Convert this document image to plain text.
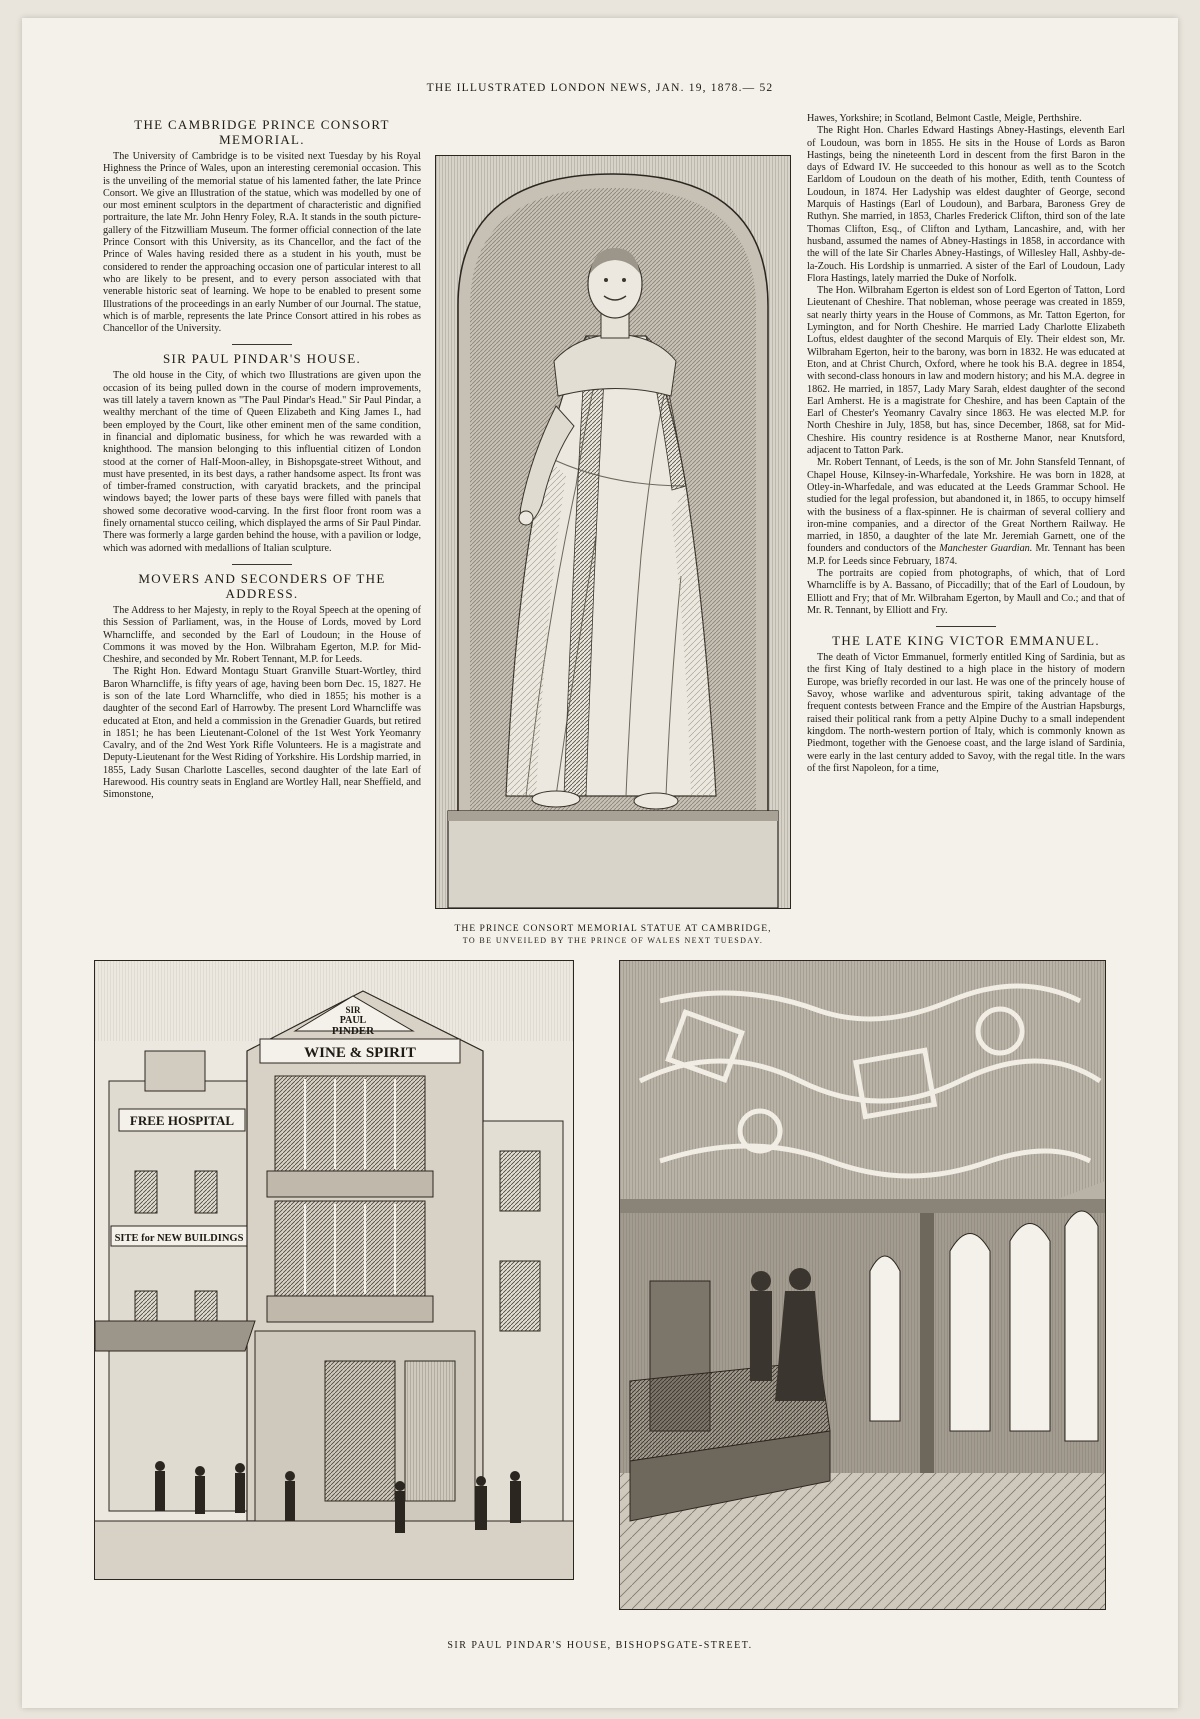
THE ILLUSTRATED LONDON NEWS, JAN. 19, 1878.— 52
THE CAMBRIDGE PRINCE CONSORT MEMORIAL.

The University of Cambridge is to be visited next Tuesday by his Royal Highness the Prince of Wales, upon an interesting ceremonial occasion. This is the unveiling of the memorial statue of his lamented father, the late Prince Consort. We give an Illustration of the statue, which was modelled by one of our most eminent sculptors in the department of characteristic and dignified portraiture, the late Mr. John Henry Foley, R.A. It stands in the south picture-gallery of the Fitzwilliam Museum. The former official connection of the late Prince Consort with this University, as its Chancellor, and the fact of the Prince of Wales having resided there as a student in his youth, must be considered to render the approaching occasion one of particular interest to all who are likely to be present, and to every person associated with that venerable historic seat of learning. We hope to be enabled to present some Illustrations of the proceedings in an early Number of our Journal. The statue, which is of marble, represents the late Prince Consort attired in his robes as Chancellor of the University.

SIR PAUL PINDAR'S HOUSE.

The old house in the City, of which two Illustrations are given upon the occasion of its being pulled down in the course of modern improvements, was till lately a tavern known as "The Paul Pindar's Head." Sir Paul Pindar, a wealthy merchant of the time of Queen Elizabeth and King James I., had been employed by the Court, like other eminent men of the same condition, in financial and diplomatic business, for which he was rewarded with a knighthood. The mansion belonging to this influential citizen of London stood at the corner of Half-Moon-alley, in Bishopsgate-street Without, and must have presented, in its best days, a rather handsome aspect. Its front was of timber-framed construction, with caryatid brackets, and the principal windows bayed; the lower parts of these bays were filled with panels that showed some decorative wood-carving. In the first floor front room was a finely ornamental stucco ceiling, which displayed the arms of Sir Paul Pindar. There was formerly a large garden behind the house, with a pavilion or lodge, which was adorned with medallions of Italian sculpture.

MOVERS AND SECONDERS OF THE ADDRESS.

The Address to her Majesty, in reply to the Royal Speech at the opening of this Session of Parliament, was, in the House of Lords, moved by Lord Wharncliffe, and seconded by the Earl of Loudoun; in the House of Commons it was moved by the Hon. Wilbraham Egerton, M.P. for Mid-Cheshire, and seconded by Mr. Robert Tennant, M.P. for Leeds.

The Right Hon. Edward Montagu Stuart Granville Stuart-Wortley, third Baron Wharncliffe, is fifty years of age, having been born Dec. 15, 1827. He is son of the late Lord Wharncliffe, who died in 1855; his mother is a daughter of the second Earl of Harrowby. The present Lord Wharncliffe was educated at Eton, and held a commission in the Grenadier Guards, but retired in 1851; he has been Lieutenant-Colonel of the 1st West York Yeomanry Cavalry, and of the 2nd West York Rifle Volunteers. He is a magistrate and Deputy-Lieutenant for the West Riding of Yorkshire. His Lordship married, in 1855, Lady Susan Charlotte Lascelles, second daughter of the late Earl of Harewood. His country seats in England are Wortley Hall, near Sheffield, and Simonstone,

THE PRINCE CONSORT MEMORIAL STATUE AT CAMBRIDGE,
TO BE UNVEILED BY THE PRINCE OF WALES NEXT TUESDAY.

Hawes, Yorkshire; in Scotland, Belmont Castle, Meigle, Perthshire.

The Right Hon. Charles Edward Hastings Abney-Hastings, eleventh Earl of Loudoun, was born in 1855. He sits in the House of Lords as Baron Hastings, being the nineteenth Lord in descent from the first Baron in the days of Edward IV. He succeeded to this honour as well as to the Scotch Earldom of Loudoun on the death of his mother, Edith, tenth Countess of Loudoun, in 1874. Her Ladyship was eldest daughter of George, second Marquis of Hastings (Earl of Loudoun), and Barbara, Baroness Grey de Ruthyn. She married, in 1853, Charles Frederick Clifton, third son of the late Thomas Clifton, Esq., of Clifton and Lytham, Lancashire, and, with her husband, assumed the names of Abney-Hastings in 1858, in accordance with the will of the late Sir Charles Abney-Hastings, of Willesley Hall, Ashby-de-la-Zouch. His Lordship is unmarried. A sister of the Earl of Loudoun, Lady Flora Hastings, lately married the Duke of Norfolk.

The Hon. Wilbraham Egerton is eldest son of Lord Egerton of Tatton, Lord Lieutenant of Cheshire. That nobleman, whose peerage was created in 1859, sat nearly thirty years in the House of Commons, as Mr. Tatton Egerton, for Lymington, and for North Cheshire. He married Lady Charlotte Elizabeth Loftus, eldest daughter of the second Marquis of Ely. Their eldest son, Mr. Wilbraham Egerton, heir to the barony, was born in 1832. He was educated at Eton, and at Christ Church, Oxford, where he took his B.A. degree in 1854, with second-class honours in law and modern history; and his M.A. degree in 1862. He married, in 1857, Lady Mary Sarah, eldest daughter of the second Earl Amherst. He is a magistrate for Cheshire, and has been Captain of the Earl of Chester's Yeomanry Cavalry since 1863. He was elected M.P. for North Cheshire in July, 1858, but has, since December, 1868, sat for Mid-Cheshire. His country residence is at Rostherne Manor, near Knutsford, adjacent to Tatton Park.

Mr. Robert Tennant, of Leeds, is the son of Mr. John Stansfeld Tennant, of Chapel House, Kilnsey-in-Wharfedale, Yorkshire. He was born in 1828, at Otley-in-Wharfedale, and was educated at the Leeds Grammar School. He studied for the legal profession, but abandoned it, in 1865, to occupy himself with the business of a flax-spinner. He is chairman of several colliery and iron-mine companies, and a director of the Great Northern Railway. He married, in 1850, a daughter of the late Mr. Jeremiah Garnett, one of the founders and conductors of the Manchester Guardian. Mr. Tennant has been M.P. for Leeds since February, 1874.

The portraits are copied from photographs, of which, that of Lord Wharncliffe is by A. Bassano, of Piccadilly; that of the Earl of Loudoun, by Elliott and Fry; that of Mr. Wilbraham Egerton, by Maull and Co.; and that of Mr. R. Tennant, by Elliott and Fry.

THE LATE KING VICTOR EMMANUEL.

The death of Victor Emmanuel, formerly entitled King of Sardinia, but as the first King of Italy destined to a high place in the history of modern Europe, was briefly recorded in our last. He was one of the princely house of Savoy, whose warlike and adventurous spirit, taking advantage of the frequent contests between France and the Empire of the Austrian Hapsburgs, raised their political rank from a petty Alpine Duchy to a small independent kingdom. The north-western portion of Italy, which is commonly known as Piedmont, together with the Genoese coast, and the large island of Sardinia, were early in the last century added to Savoy, with the regal title. In the wars of the first Napoleon, for a time,

FREE HOSPITAL
SITE for NEW BUILDINGS
SIR
PAUL
PINDER
WINE & SPIRIT
SIR PAUL PINDAR'S HOUSE, BISHOPSGATE-STREET.
